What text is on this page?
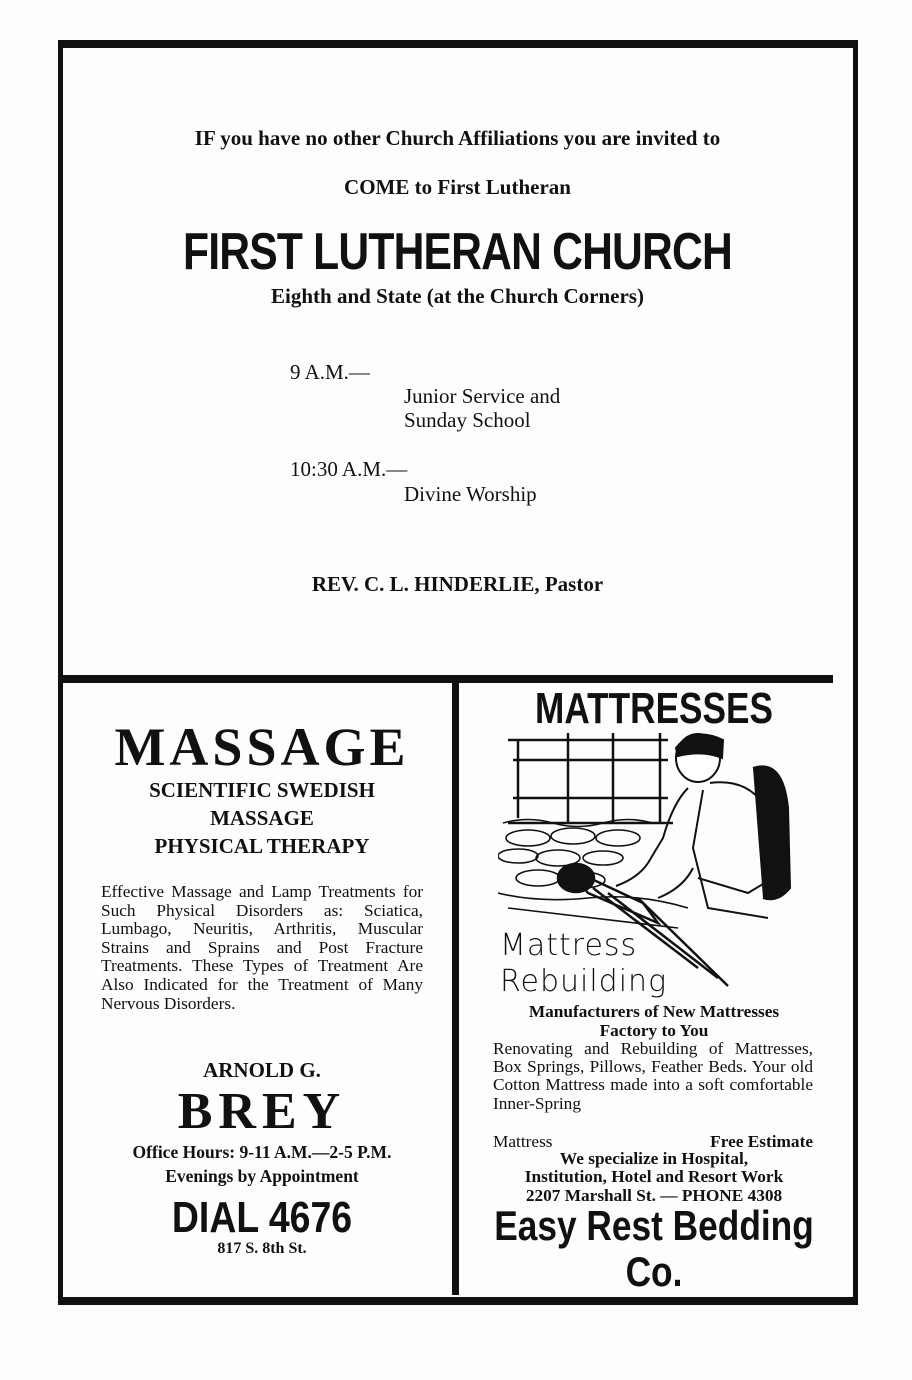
IF you have no other Church Affiliations you are invited to
COME to First Lutheran
FIRST LUTHERAN CHURCH
Eighth and State (at the Church Corners)
9 A.M.—
Junior Service and
Sunday School
10:30 A.M.—
Divine Worship
REV. C. L. HINDERLIE, Pastor
MASSAGE
SCIENTIFIC SWEDISH
MASSAGE
PHYSICAL THERAPY
Effective Massage and Lamp Treatments for Such Physical Disorders as: Sciatica, Lumbago, Neuritis, Arthritis, Muscular Strains and Sprains and Post Fracture Treatments. These Types of Treatment Are Also Indicated for the Treatment of Many Nervous Disorders.
ARNOLD G.
BREY
Office Hours: 9-11 A.M.—2-5 P.M.
Evenings by Appointment
DIAL 4676
817 S. 8th St.
MATTRESSES
Mattress
Rebuilding
Manufacturers of New Mattresses
Factory to You
Renovating and Rebuilding of Mattresses, Box Springs, Pillows, Feather Beds. Your old Cotton Mattress made into a soft comfortable Inner-Spring
Mattress	Free Estimate
We specialize in Hospital,
Institution, Hotel and Resort Work
2207 Marshall St. — PHONE 4308
Easy Rest Bedding
Co.
